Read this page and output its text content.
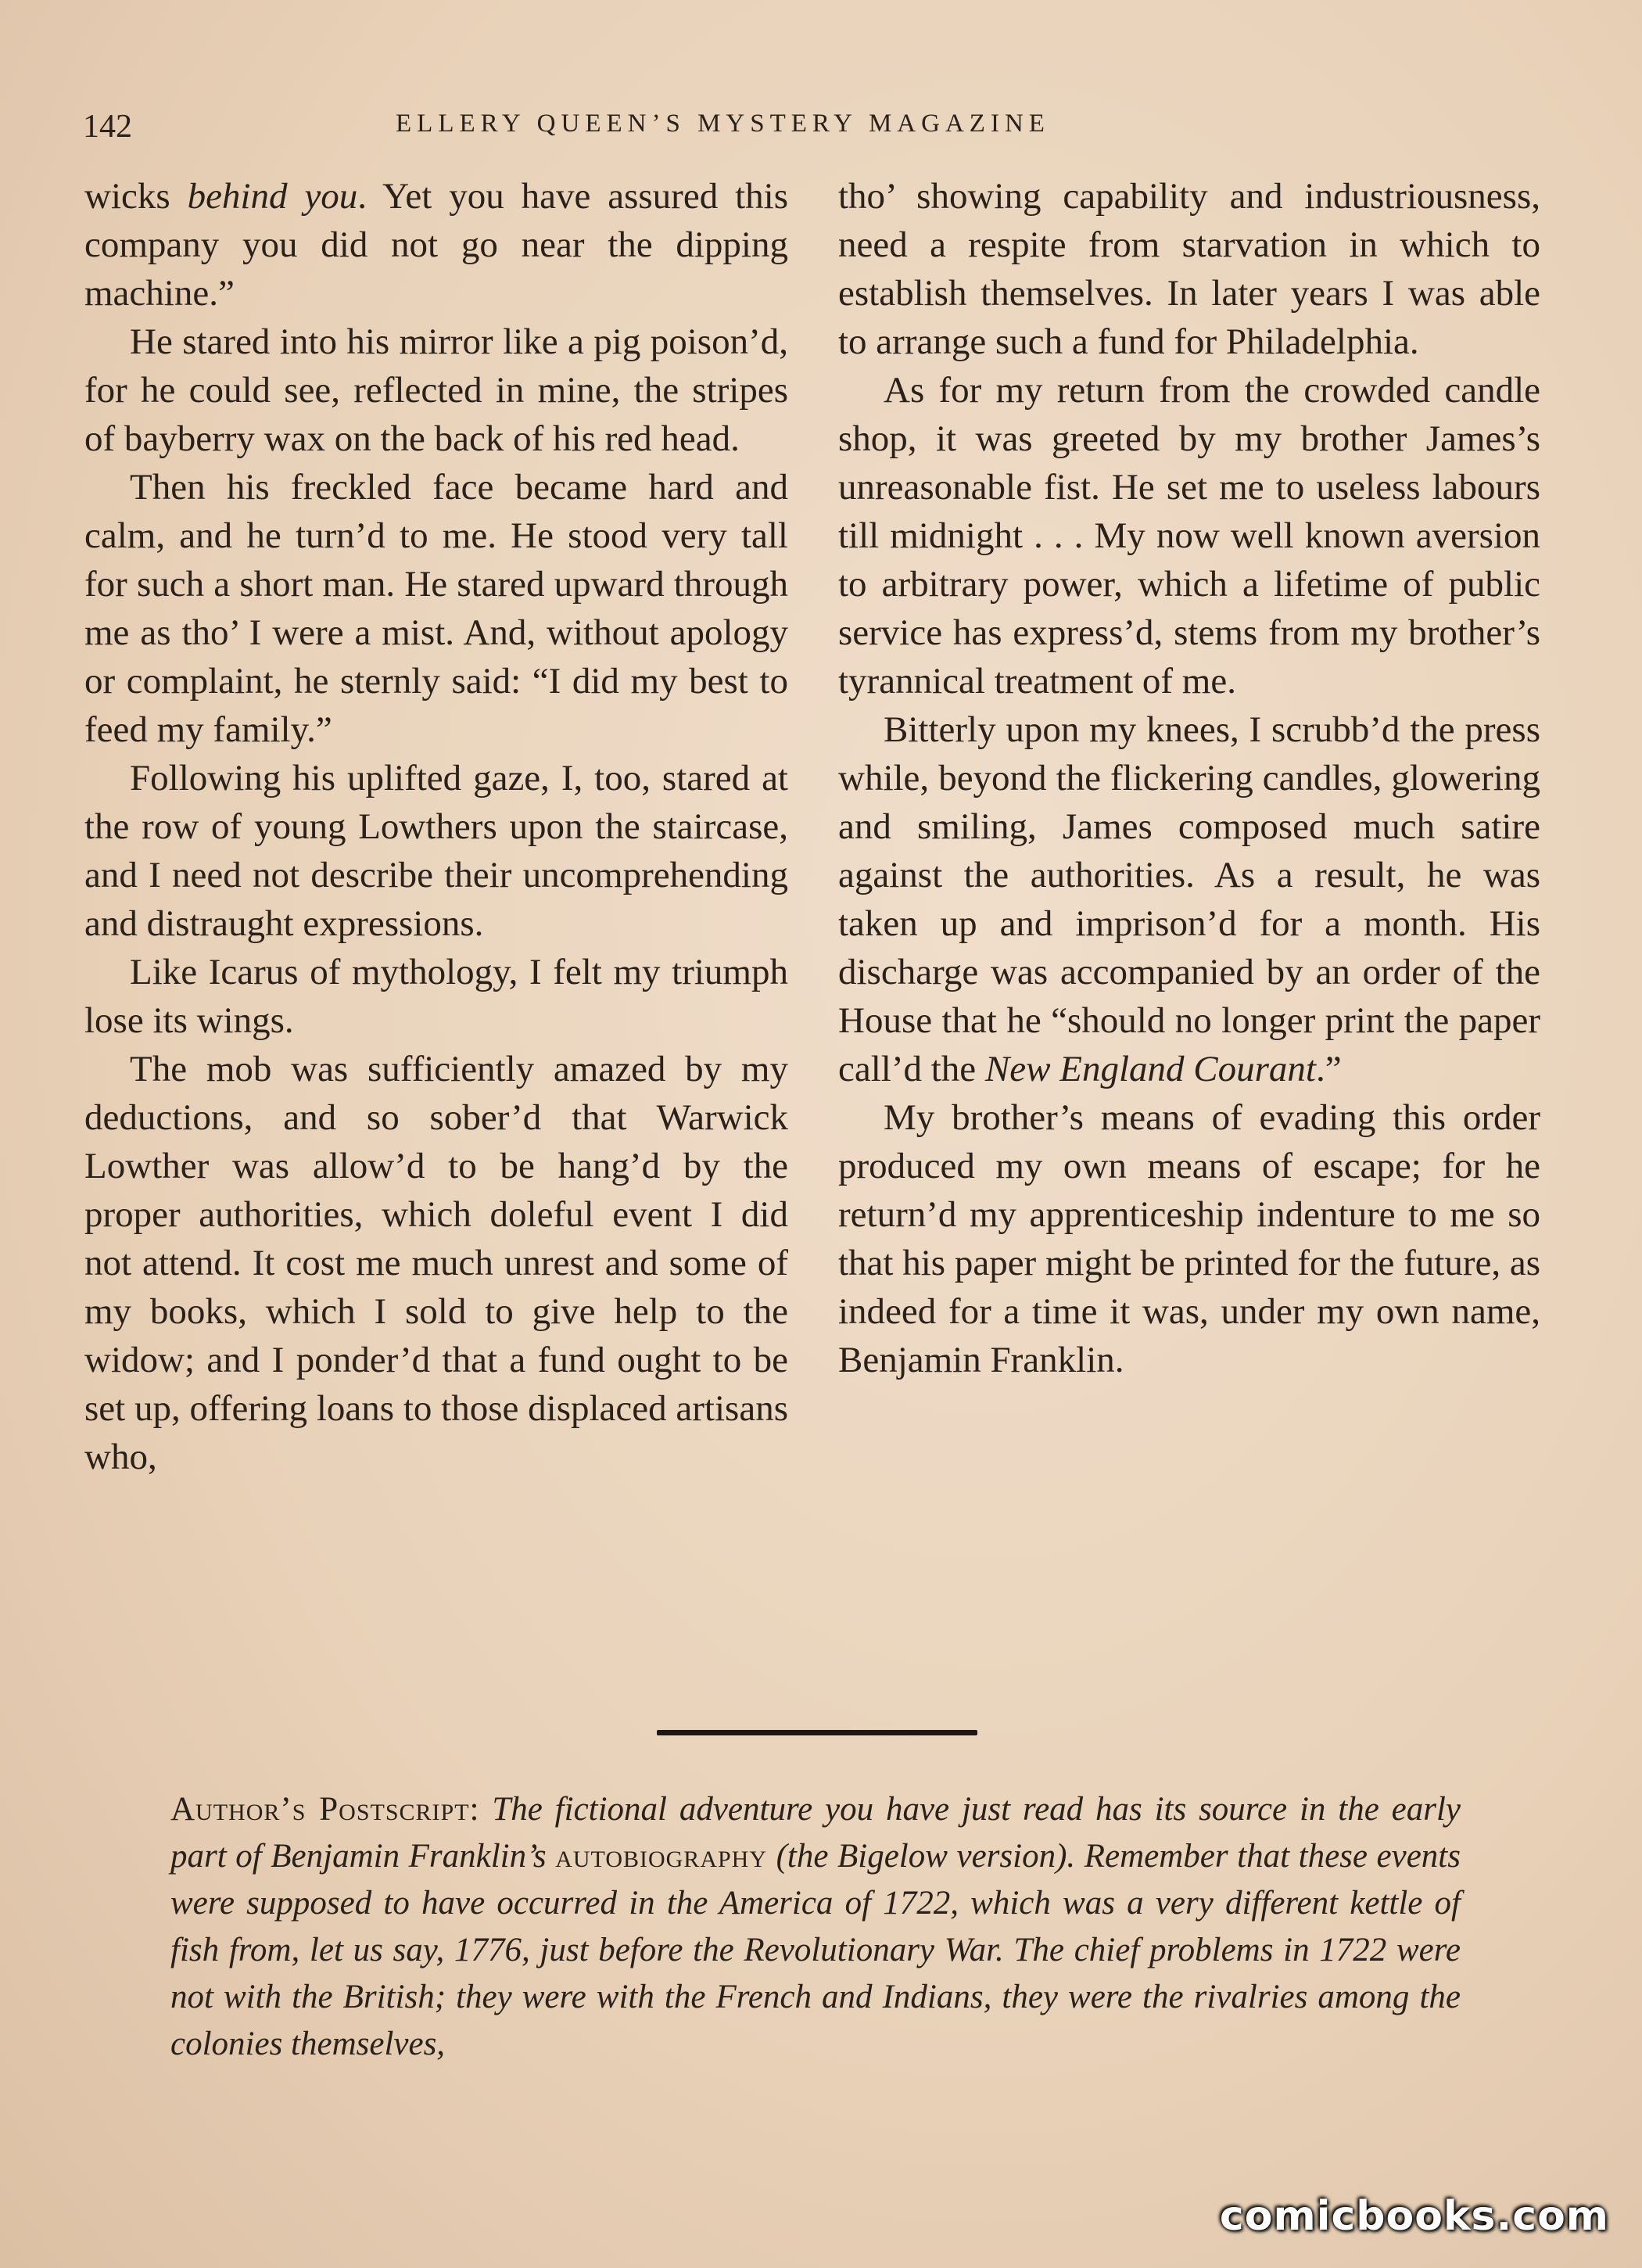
142	ELLERY QUEEN’S MYSTERY MAGAZINE

wicks behind you. Yet you have assured this company you did not go near the dipping machine.”

He stared into his mirror like a pig poison’d, for he could see, reflected in mine, the stripes of bayberry wax on the back of his red head.

Then his freckled face became hard and calm, and he turn’d to me. He stood very tall for such a short man. He stared upward through me as tho’ I were a mist. And, without apology or complaint, he sternly said: “I did my best to feed my family.”

Following his uplifted gaze, I, too, stared at the row of young Lowthers upon the staircase, and I need not describe their uncomprehending and distraught expressions.

Like Icarus of mythology, I felt my triumph lose its wings.

The mob was sufficiently amazed by my deductions, and so sober’d that Warwick Lowther was allow’d to be hang’d by the proper authorities, which doleful event I did not attend. It cost me much unrest and some of my books, which I sold to give help to the widow; and I ponder’d that a fund ought to be set up, offering loans to those displaced artisans who,

tho’ showing capability and industriousness, need a respite from starvation in which to establish themselves. In later years I was able to arrange such a fund for Philadelphia.

As for my return from the crowded candle shop, it was greeted by my brother James’s unreasonable fist. He set me to useless labours till midnight . . . My now well known aversion to arbitrary power, which a lifetime of public service has express’d, stems from my brother’s tyrannical treatment of me.

Bitterly upon my knees, I scrubb’d the press while, beyond the flickering candles, glowering and smiling, James composed much satire against the authorities. As a result, he was taken up and imprison’d for a month. His discharge was accompanied by an order of the House that he “should no longer print the paper call’d the New England Courant.”

My brother’s means of evading this order produced my own means of escape; for he return’d my apprenticeship indenture to me so that his paper might be printed for the future, as indeed for a time it was, under my own name, Benjamin Franklin.

Author’s Postscript: The fictional adventure you have just read has its source in the early part of Benjamin Franklin’s autobiography (the Bigelow version). Remember that these events were supposed to have occurred in the America of 1722, which was a very different kettle of fish from, let us say, 1776, just before the Revolutionary War. The chief problems in 1722 were not with the British; they were with the French and Indians, they were the rivalries among the colonies themselves,
comicbooks.com
